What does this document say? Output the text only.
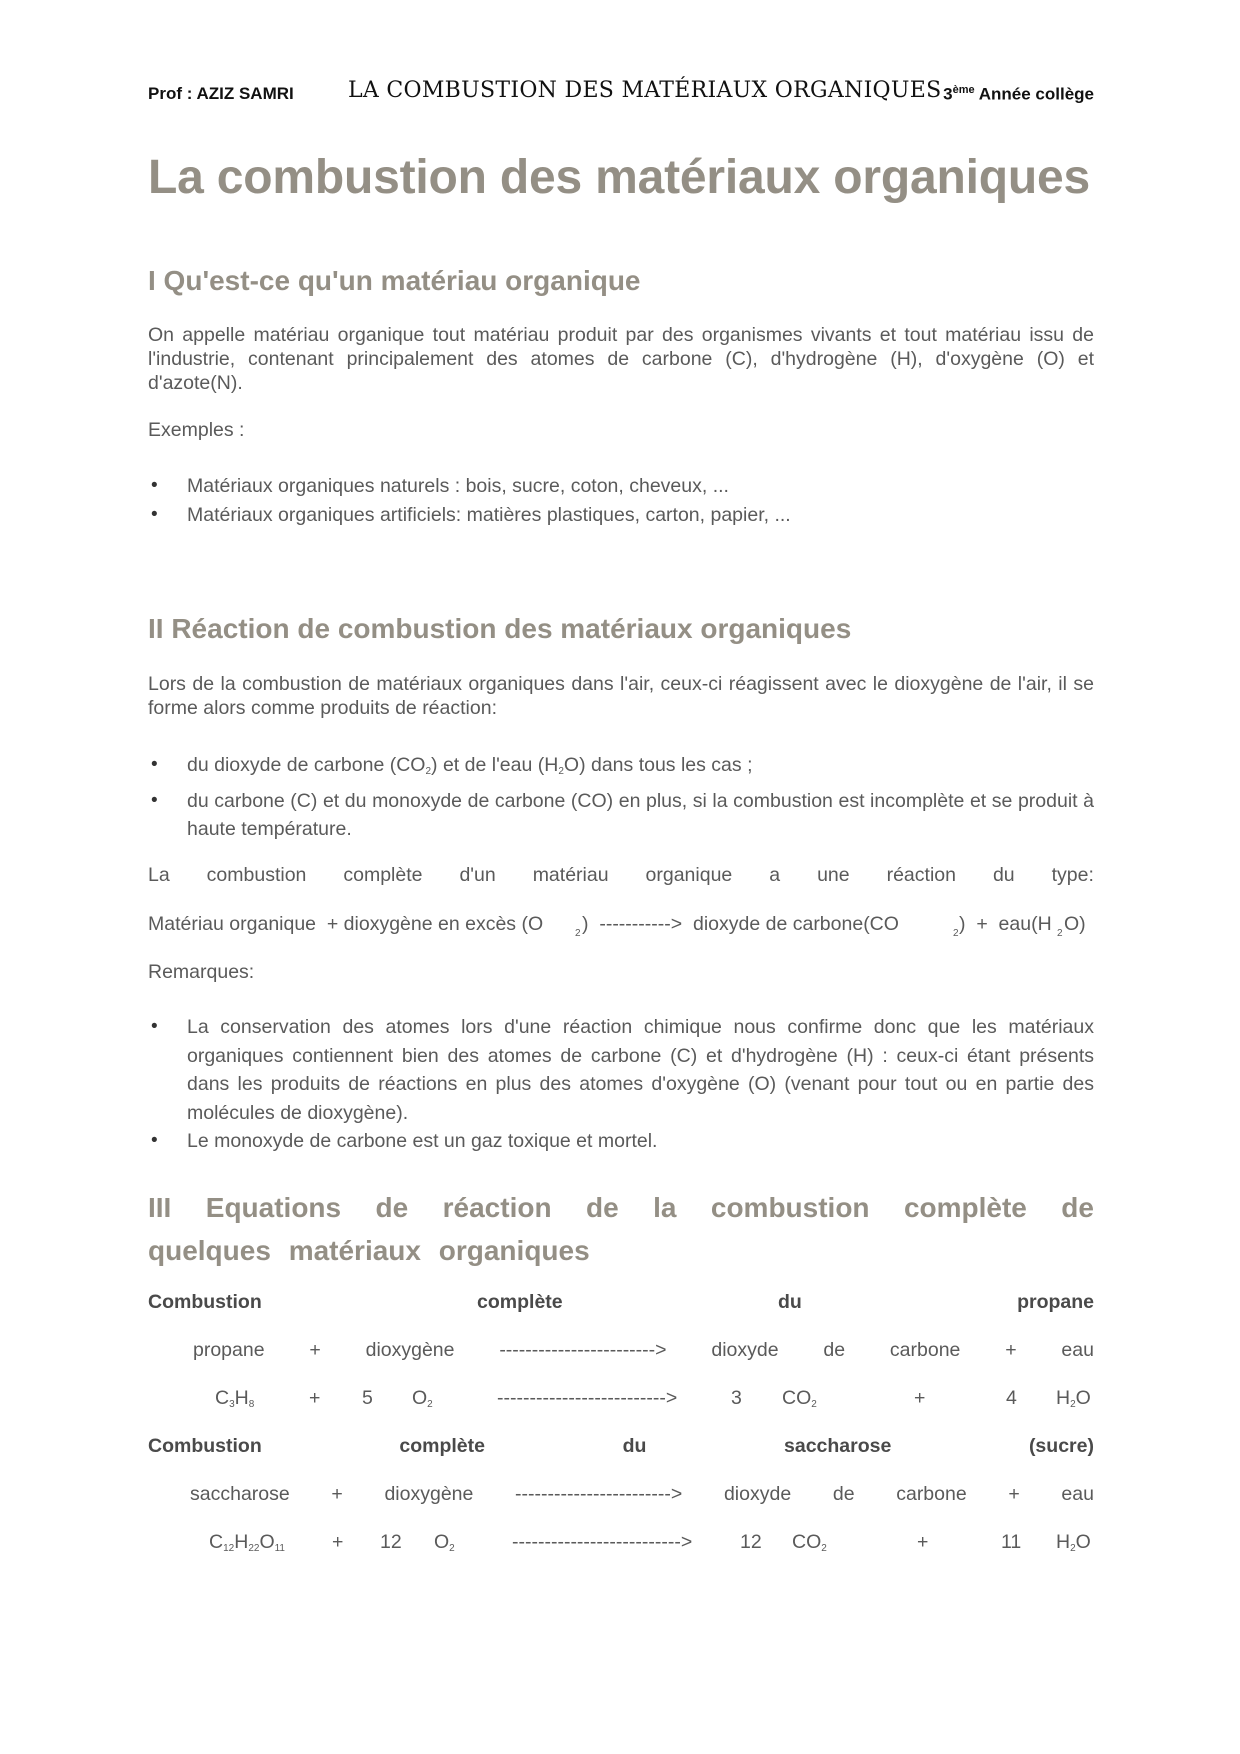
Prof : AZIZ SAMRI LA COMBUSTION DES MATÉRIAUX ORGANIQUES 3ème Année collège
La combustion des matériaux organiques
I Qu'est-ce qu'un matériau organique

On appelle matériau organique tout matériau produit par des organismes vivants et tout matériau issu de l'industrie, contenant principalement des atomes de carbone (C), d'hydrogène (H), d'oxygène (O) et d'azote(N).

Exemples :

• Matériaux organiques naturels : bois, sucre, coton, cheveux, ...
• Matériaux organiques artificiels: matières plastiques, carton, papier, ...
II Réaction de combustion des matériaux organiques

Lors de la combustion de matériaux organiques dans l'air, ceux-ci réagissent avec le dioxygène de l'air, il se forme alors comme produits de réaction:

• du dioxyde de carbone $(CO_2)$ et de l'eau $(H_2O)$ dans tous les cas ;
• du carbone (C) et du monoxyde de carbone (CO) en plus, si la combustion est incomplète et se produit à haute température.
La combustion complète d'un matériau organique a une réaction du type:

Matériau organique  + dioxygène en excès (O	2 )  ----------->  dioxyde de carbone(CO	2 )  +  eau(H 2 O)

Remarques:

• La conservation des atomes lors d'une réaction chimique nous confirme donc que les matériaux organiques contiennent bien des atomes de carbone (C) et d'hydrogène (H) : ceux-ci étant présents dans les produits de réactions en plus des atomes d'oxygène (O) (venant pour tout ou en partie des molécules de dioxygène).
• Le monoxyde de carbone est un gaz toxique et mortel.
III Equations de réaction de la combustion complète de quelques matériaux organiques
Combustion	complète	du	propane
propane + dioxygène ------------------------> dioxyde de carbone + eau
$C_3H_8$	+ 5 $O_2$	-------------------------->	3 $CO_2$	+	4 $H_2O$
Combustion	complète	du	saccharose	(sucre)
saccharose + dioxygène ------------------------> dioxyde de carbone + eau
$C_{12}H_{22}O_{11} + 12$ $O_2$	--------------------------> 12 $CO_2$	+	11 $H_2O$
